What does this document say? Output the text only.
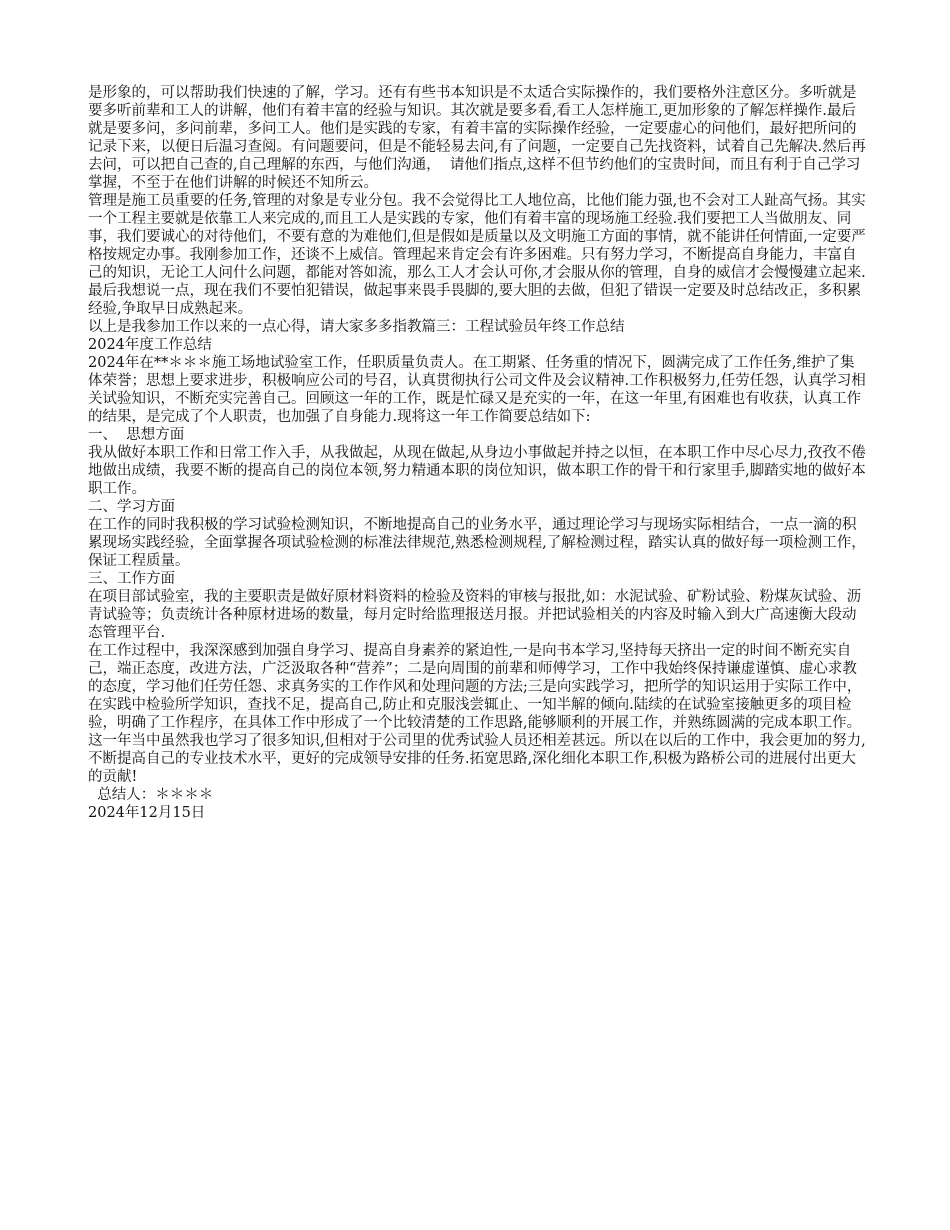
是形象的，可以帮助我们快速的了解，学习。还有有些书本知识是不太适合实际操作的，我们要格外注意区分。多听就是要多听前辈和工人的讲解，他们有着丰富的经验与知识。其次就是要多看,看工人怎样施工,更加形象的了解怎样操作.最后就是要多问，多问前辈，多问工人。他们是实践的专家，有着丰富的实际操作经验，一定要虚心的问他们，最好把所问的记录下来，以便日后温习查阅。有问题要问，但是不能轻易去问,有了问题，一定要自己先找资料，试着自己先解决.然后再去问，可以把自己查的,自己理解的东西，与他们沟通，  请他们指点,这样不但节约他们的宝贵时间，而且有利于自己学习掌握，不至于在他们讲解的时候还不知所云。

管理是施工员重要的任务,管理的对象是专业分包。我不会觉得比工人地位高，比他们能力强,也不会对工人趾高气扬。其实一个工程主要就是依靠工人来完成的,而且工人是实践的专家，他们有着丰富的现场施工经验.我们要把工人当做朋友、同事，我们要诚心的对待他们，不要有意的为难他们,但是假如是质量以及文明施工方面的事情，就不能讲任何情面,一定要严格按规定办事。我刚参加工作，还谈不上威信。管理起来肯定会有许多困难。只有努力学习，不断提高自身能力，丰富自己的知识，无论工人问什么问题，都能对答如流，那么工人才会认可你,才会服从你的管理，自身的威信才会慢慢建立起来.

最后我想说一点，现在我们不要怕犯错误，做起事来畏手畏脚的,要大胆的去做，但犯了错误一定要及时总结改正，多积累经验,争取早日成熟起来。

以上是我参加工作以来的一点心得，请大家多多指教篇三：工程试验员年终工作总结

2024年度工作总结

2024年在**＊＊＊施工场地试验室工作，任职质量负责人。在工期紧、任务重的情况下，圆满完成了工作任务,维护了集体荣誉；思想上要求进步，积极响应公司的号召，认真贯彻执行公司文件及会议精神.工作积极努力,任劳任怨，认真学习相关试验知识，不断充实完善自己。回顾这一年的工作，既是忙碌又是充实的一年，在这一年里,有困难也有收获，认真工作的结果，是完成了个人职责，也加强了自身能力.现将这一年工作简要总结如下:

一、  思想方面

我从做好本职工作和日常工作入手，从我做起，从现在做起,从身边小事做起并持之以恒，在本职工作中尽心尽力,孜孜不倦地做出成绩，我要不断的提高自己的岗位本领,努力精通本职的岗位知识，做本职工作的骨干和行家里手,脚踏实地的做好本职工作。

二、学习方面

在工作的同时我积极的学习试验检测知识，不断地提高自己的业务水平，通过理论学习与现场实际相结合，一点一滴的积累现场实践经验，全面掌握各项试验检测的标准法律规范,熟悉检测规程,了解检测过程，踏实认真的做好每一项检测工作，保证工程质量。

三、工作方面

在项目部试验室，我的主要职责是做好原材料资料的检验及资料的审核与报批,如：水泥试验、矿粉试验、粉煤灰试验、沥青试验等；负责统计各种原材进场的数量，每月定时给监理报送月报。并把试验相关的内容及时输入到大广高速衡大段动态管理平台.

在工作过程中，我深深感到加强自身学习、提高自身素养的紧迫性,一是向书本学习,坚持每天挤出一定的时间不断充实自己，端正态度，改进方法，广泛汲取各种“营养”；二是向周围的前辈和师傅学习，工作中我始终保持谦虚谨慎、虚心求教的态度，学习他们任劳任怨、求真务实的工作作风和处理问题的方法;三是向实践学习，把所学的知识运用于实际工作中，在实践中检验所学知识，查找不足，提高自己,防止和克服浅尝辄止、一知半解的倾向.陆续的在试验室接触更多的项目检验，明确了工作程序，在具体工作中形成了一个比较清楚的工作思路,能够顺利的开展工作，并熟练圆满的完成本职工作。

这一年当中虽然我也学习了很多知识,但相对于公司里的优秀试验人员还相差甚远。所以在以后的工作中，我会更加的努力,不断提高自己的专业技术水平，更好的完成领导安排的任务.拓宽思路,深化细化本职工作,积极为路桥公司的进展付出更大的贡献!

总结人：＊＊＊＊

2024年12月15日
